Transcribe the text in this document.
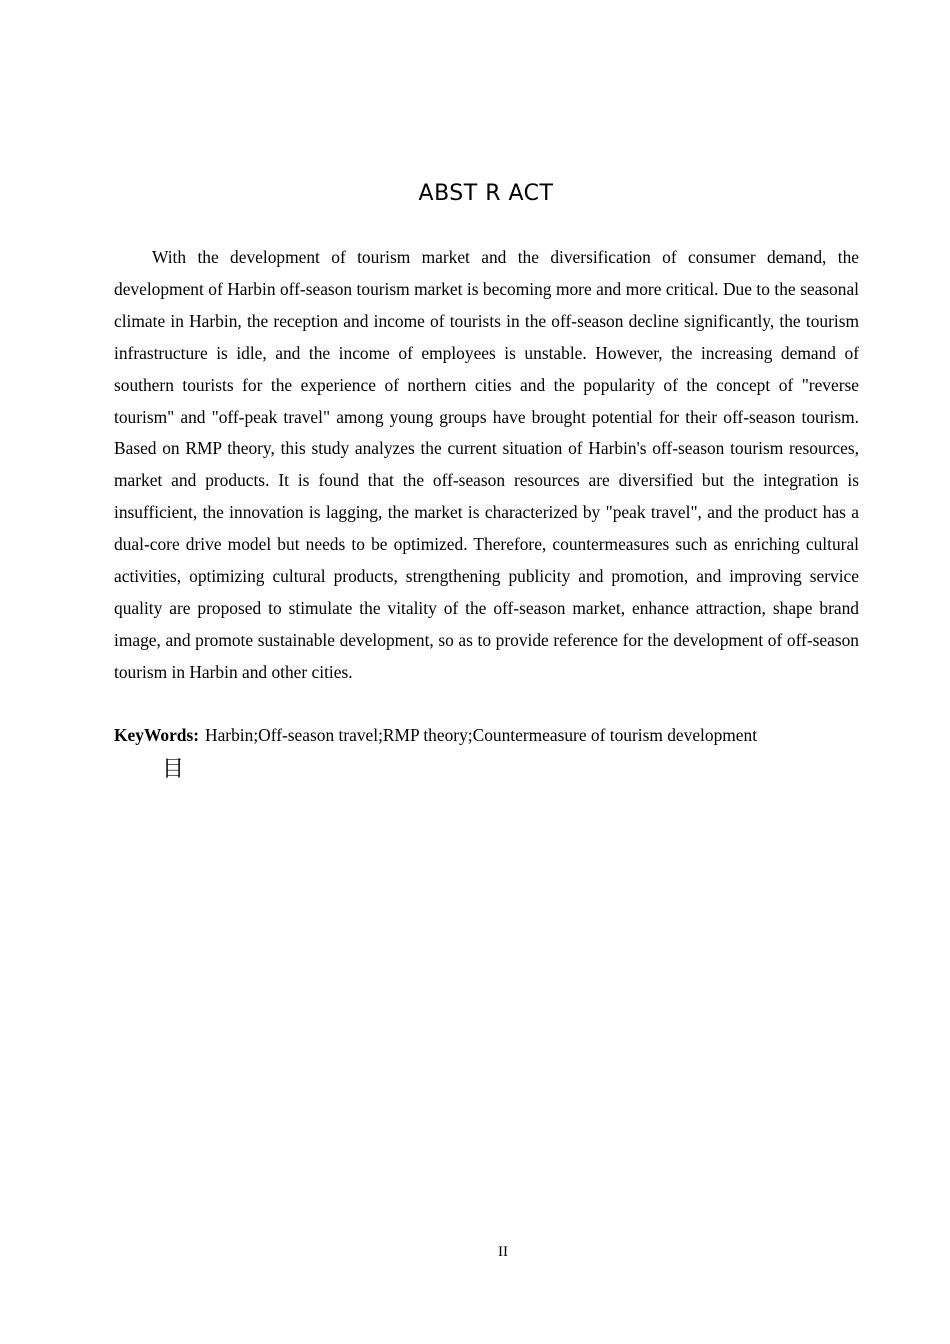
ABST R ACT

With the development of tourism market and the diversification of consumer demand, the development of Harbin off-season tourism market is becoming more and more critical. Due to the seasonal climate in Harbin, the reception and income of tourists in the off-season decline significantly, the tourism infrastructure is idle, and the income of employees is unstable. However, the increasing demand of southern tourists for the experience of northern cities and the popularity of the concept of "reverse tourism" and "off-peak travel" among young groups have brought potential for their off-season tourism. Based on RMP theory, this study analyzes the current situation of Harbin's off-season tourism resources, market and products. It is found that the off-season resources are diversified but the integration is insufficient, the innovation is lagging, the market is characterized by "peak travel", and the product has a dual-core drive model but needs to be optimized. Therefore, countermeasures such as enriching cultural activities, optimizing cultural products, strengthening publicity and promotion, and improving service quality are proposed to stimulate the vitality of the off-season market, enhance attraction, shape brand image, and promote sustainable development, so as to provide reference for the development of off-season tourism in Harbin and other cities.

KeyWords: Harbin;Off-season travel;RMP theory;Countermeasure of tourism development
目
II
